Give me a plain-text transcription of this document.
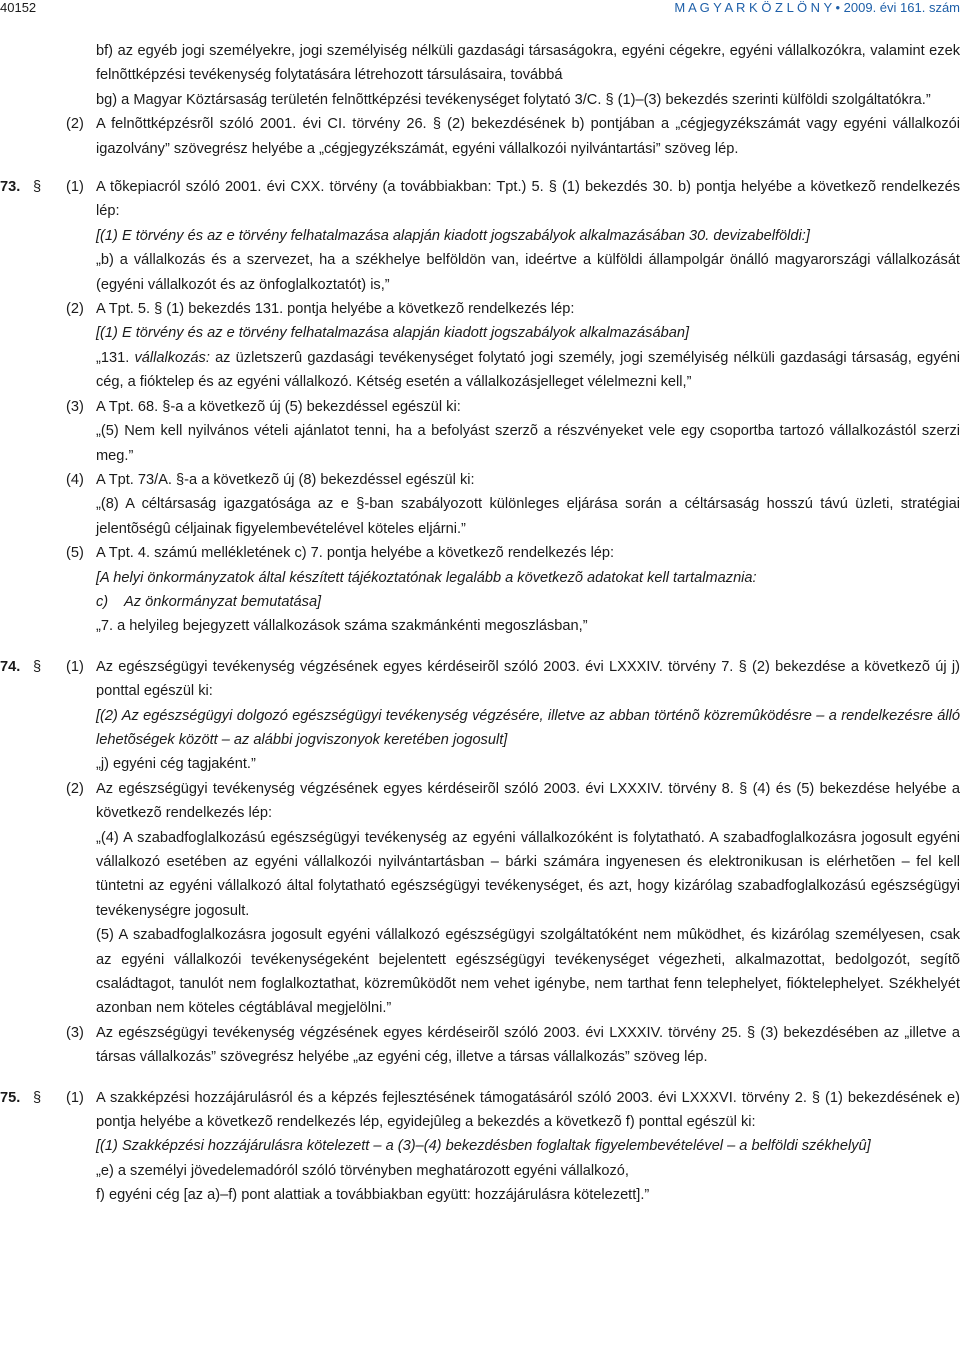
40152	M A G Y A R K Ö Z L Ö N Y • 2009. évi 161. szám

bf) az egyéb jogi személyekre, jogi személyiség nélküli gazdasági társaságokra, egyéni cégekre, egyéni vállalkozókra, valamint ezek felnõttképzési tevékenység folytatására létrehozott társulásaira, továbbá

bg) a Magyar Köztársaság területén felnõttképzési tevékenységet folytató 3/C. § (1)–(3) bekezdés szerinti külföldi szolgáltatókra.”

(2) A felnõttképzésrõl szóló 2001. évi CI. törvény 26. § (2) bekezdésének b) pontjában a „cégjegyzékszámát vagy egyéni vállalkozói igazolvány” szövegrész helyébe a „cégjegyzékszámát, egyéni vállalkozói nyilvántartási” szöveg lép.

73. § (1) A tõkepiacról szóló 2001. évi CXX. törvény (a továbbiakban: Tpt.) 5. § (1) bekezdés 30. b) pontja helyébe a következõ rendelkezés lép:

[(1) E törvény és az e törvény felhatalmazása alapján kiadott jogszabályok alkalmazásában 30. devizabelföldi:]

„b) a vállalkozás és a szervezet, ha a székhelye belföldön van, ideértve a külföldi állampolgár önálló magyarországi vállalkozását (egyéni vállalkozót és az önfoglalkoztatót) is,”

(2) A Tpt. 5. § (1) bekezdés 131. pontja helyébe a következõ rendelkezés lép:

[(1) E törvény és az e törvény felhatalmazása alapján kiadott jogszabályok alkalmazásában]

„131. vállalkozás: az üzletszerû gazdasági tevékenységet folytató jogi személy, jogi személyiség nélküli gazdasági társaság, egyéni cég, a fióktelep és az egyéni vállalkozó. Kétség esetén a vállalkozásjelleget vélelmezni kell,”

(3) A Tpt. 68. §-a a következõ új (5) bekezdéssel egészül ki:

„(5) Nem kell nyilvános vételi ajánlatot tenni, ha a befolyást szerzõ a részvényeket vele egy csoportba tartozó vállalkozástól szerzi meg.”

(4) A Tpt. 73/A. §-a a következõ új (8) bekezdéssel egészül ki:

„(8) A céltársaság igazgatósága az e §-ban szabályozott különleges eljárása során a céltársaság hosszú távú üzleti, stratégiai jelentõségû céljainak figyelembevételével köteles eljárni.”

(5) A Tpt. 4. számú mellékletének c) 7. pontja helyébe a következõ rendelkezés lép:

[A helyi önkormányzatok által készített tájékoztatónak legalább a következõ adatokat kell tartalmaznia:

c) Az önkormányzat bemutatása]

„7. a helyileg bejegyzett vállalkozások száma szakmánkénti megoszlásban,”

74. § (1) Az egészségügyi tevékenység végzésének egyes kérdéseirõl szóló 2003. évi LXXXIV. törvény 7. § (2) bekezdése a következõ új j) ponttal egészül ki:

[(2) Az egészségügyi dolgozó egészségügyi tevékenység végzésére, illetve az abban történõ közremûködésre – a rendelkezésre álló lehetõségek között – az alábbi jogviszonyok keretében jogosult]

„j) egyéni cég tagjaként.”

(2) Az egészségügyi tevékenység végzésének egyes kérdéseirõl szóló 2003. évi LXXXIV. törvény 8. § (4) és (5) bekezdése helyébe a következõ rendelkezés lép:

„(4) A szabadfoglalkozású egészségügyi tevékenység az egyéni vállalkozóként is folytatható. A szabadfoglalkozásra jogosult egyéni vállalkozó esetében az egyéni vállalkozói nyilvántartásban – bárki számára ingyenesen és elektronikusan is elérhetõen – fel kell tüntetni az egyéni vállalkozó által folytatható egészségügyi tevékenységet, és azt, hogy kizárólag szabadfoglalkozású egészségügyi tevékenységre jogosult.

(5) A szabadfoglalkozásra jogosult egyéni vállalkozó egészségügyi szolgáltatóként nem mûködhet, és kizárólag személyesen, csak az egyéni vállalkozói tevékenységeként bejelentett egészségügyi tevékenységet végezheti, alkalmazottat, bedolgozót, segítõ családtagot, tanulót nem foglalkoztathat, közremûködõt nem vehet igénybe, nem tarthat fenn telephelyet, fióktelephelyet. Székhelyét azonban nem köteles cégtáblával megjelölni.”

(3) Az egészségügyi tevékenység végzésének egyes kérdéseirõl szóló 2003. évi LXXXIV. törvény 25. § (3) bekezdésében az „illetve a társas vállalkozás” szövegrész helyébe „az egyéni cég, illetve a társas vállalkozás” szöveg lép.

75. § (1) A szakképzési hozzájárulásról és a képzés fejlesztésének támogatásáról szóló 2003. évi LXXXVI. törvény 2. § (1) bekezdésének e) pontja helyébe a következõ rendelkezés lép, egyidejûleg a bekezdés a következõ f) ponttal egészül ki:

[(1) Szakképzési hozzájárulásra kötelezett – a (3)–(4) bekezdésben foglaltak figyelembevételével – a belföldi székhelyû]

„e) a személyi jövedelemadóról szóló törvényben meghatározott egyéni vállalkozó,

f) egyéni cég [az a)–f) pont alattiak a továbbiakban együtt: hozzájárulásra kötelezett].”
